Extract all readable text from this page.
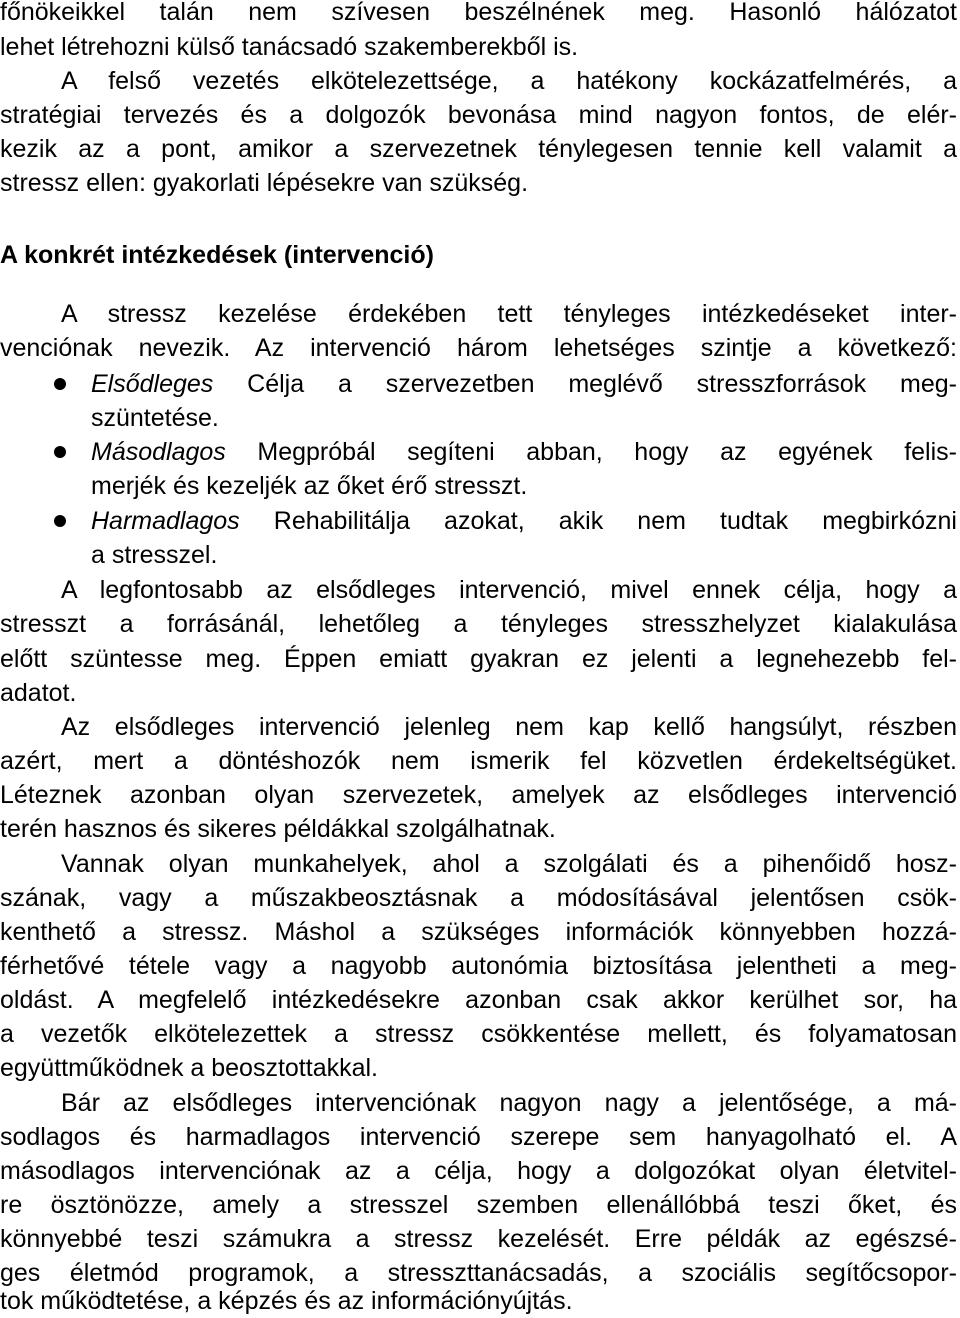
főnökeikkel talán nem szívesen beszélnének meg. Hasonló hálózatot
lehet létrehozni külső tanácsadó szakemberekből is.
A felső vezetés elkötelezettsége, a hatékony kockázatfelmérés, a
stratégiai tervezés és a dolgozók bevonása mind nagyon fontos, de elér-
kezik az a pont, amikor a szervezetnek ténylegesen tennie kell valamit a
stressz ellen: gyakorlati lépésekre van szükség.
A konkrét intézkedések (intervenció)
A stressz kezelése érdekében tett tényleges intézkedéseket inter-
venciónak nevezik. Az intervenció három lehetséges szintje a következő:
Elsődleges Célja a szervezetben meglévő stresszforrások meg-
szüntetése.
Másodlagos Megpróbál segíteni abban, hogy az egyének felis-
merjék és kezeljék az őket érő stresszt.
Harmadlagos Rehabilitálja azokat, akik nem tudtak megbirkózni
a stresszel.
A legfontosabb az elsődleges intervenció, mivel ennek célja, hogy a
stresszt a forrásánál, lehetőleg a tényleges stresszhelyzet kialakulása
előtt szüntesse meg. Éppen emiatt gyakran ez jelenti a legnehezebb fel-
adatot.
Az elsődleges intervenció jelenleg nem kap kellő hangsúlyt, részben
azért, mert a döntéshozók nem ismerik fel közvetlen érdekeltségüket.
Léteznek azonban olyan szervezetek, amelyek az elsődleges intervenció
terén hasznos és sikeres példákkal szolgálhatnak.
Vannak olyan munkahelyek, ahol a szolgálati és a pihenőidő hosz-
szának, vagy a műszakbeosztásnak a módosításával jelentősen csök-
kenthető a stressz. Máshol a szükséges információk könnyebben hozzá-
férhetővé tétele vagy a nagyobb autonómia biztosítása jelentheti a meg-
oldást. A megfelelő intézkedésekre azonban csak akkor kerülhet sor, ha
a vezetők elkötelezettek a stressz csökkentése mellett, és folyamatosan
együttműködnek a beosztottakkal.
Bár az elsődleges intervenciónak nagyon nagy a jelentősége, a má-
sodlagos és harmadlagos intervenció szerepe sem hanyagolható el. A
másodlagos intervenciónak az a célja, hogy a dolgozókat olyan életvitel-
re ösztönözze, amely a stresszel szemben ellenállóbbá teszi őket, és
könnyebbé teszi számukra a stressz kezelését. Erre példák az egészsé-
ges életmód programok, a stresszttanácsadás, a szociális segítőcsopor-
tok működtetése, a képzés és az információnyújtás.
